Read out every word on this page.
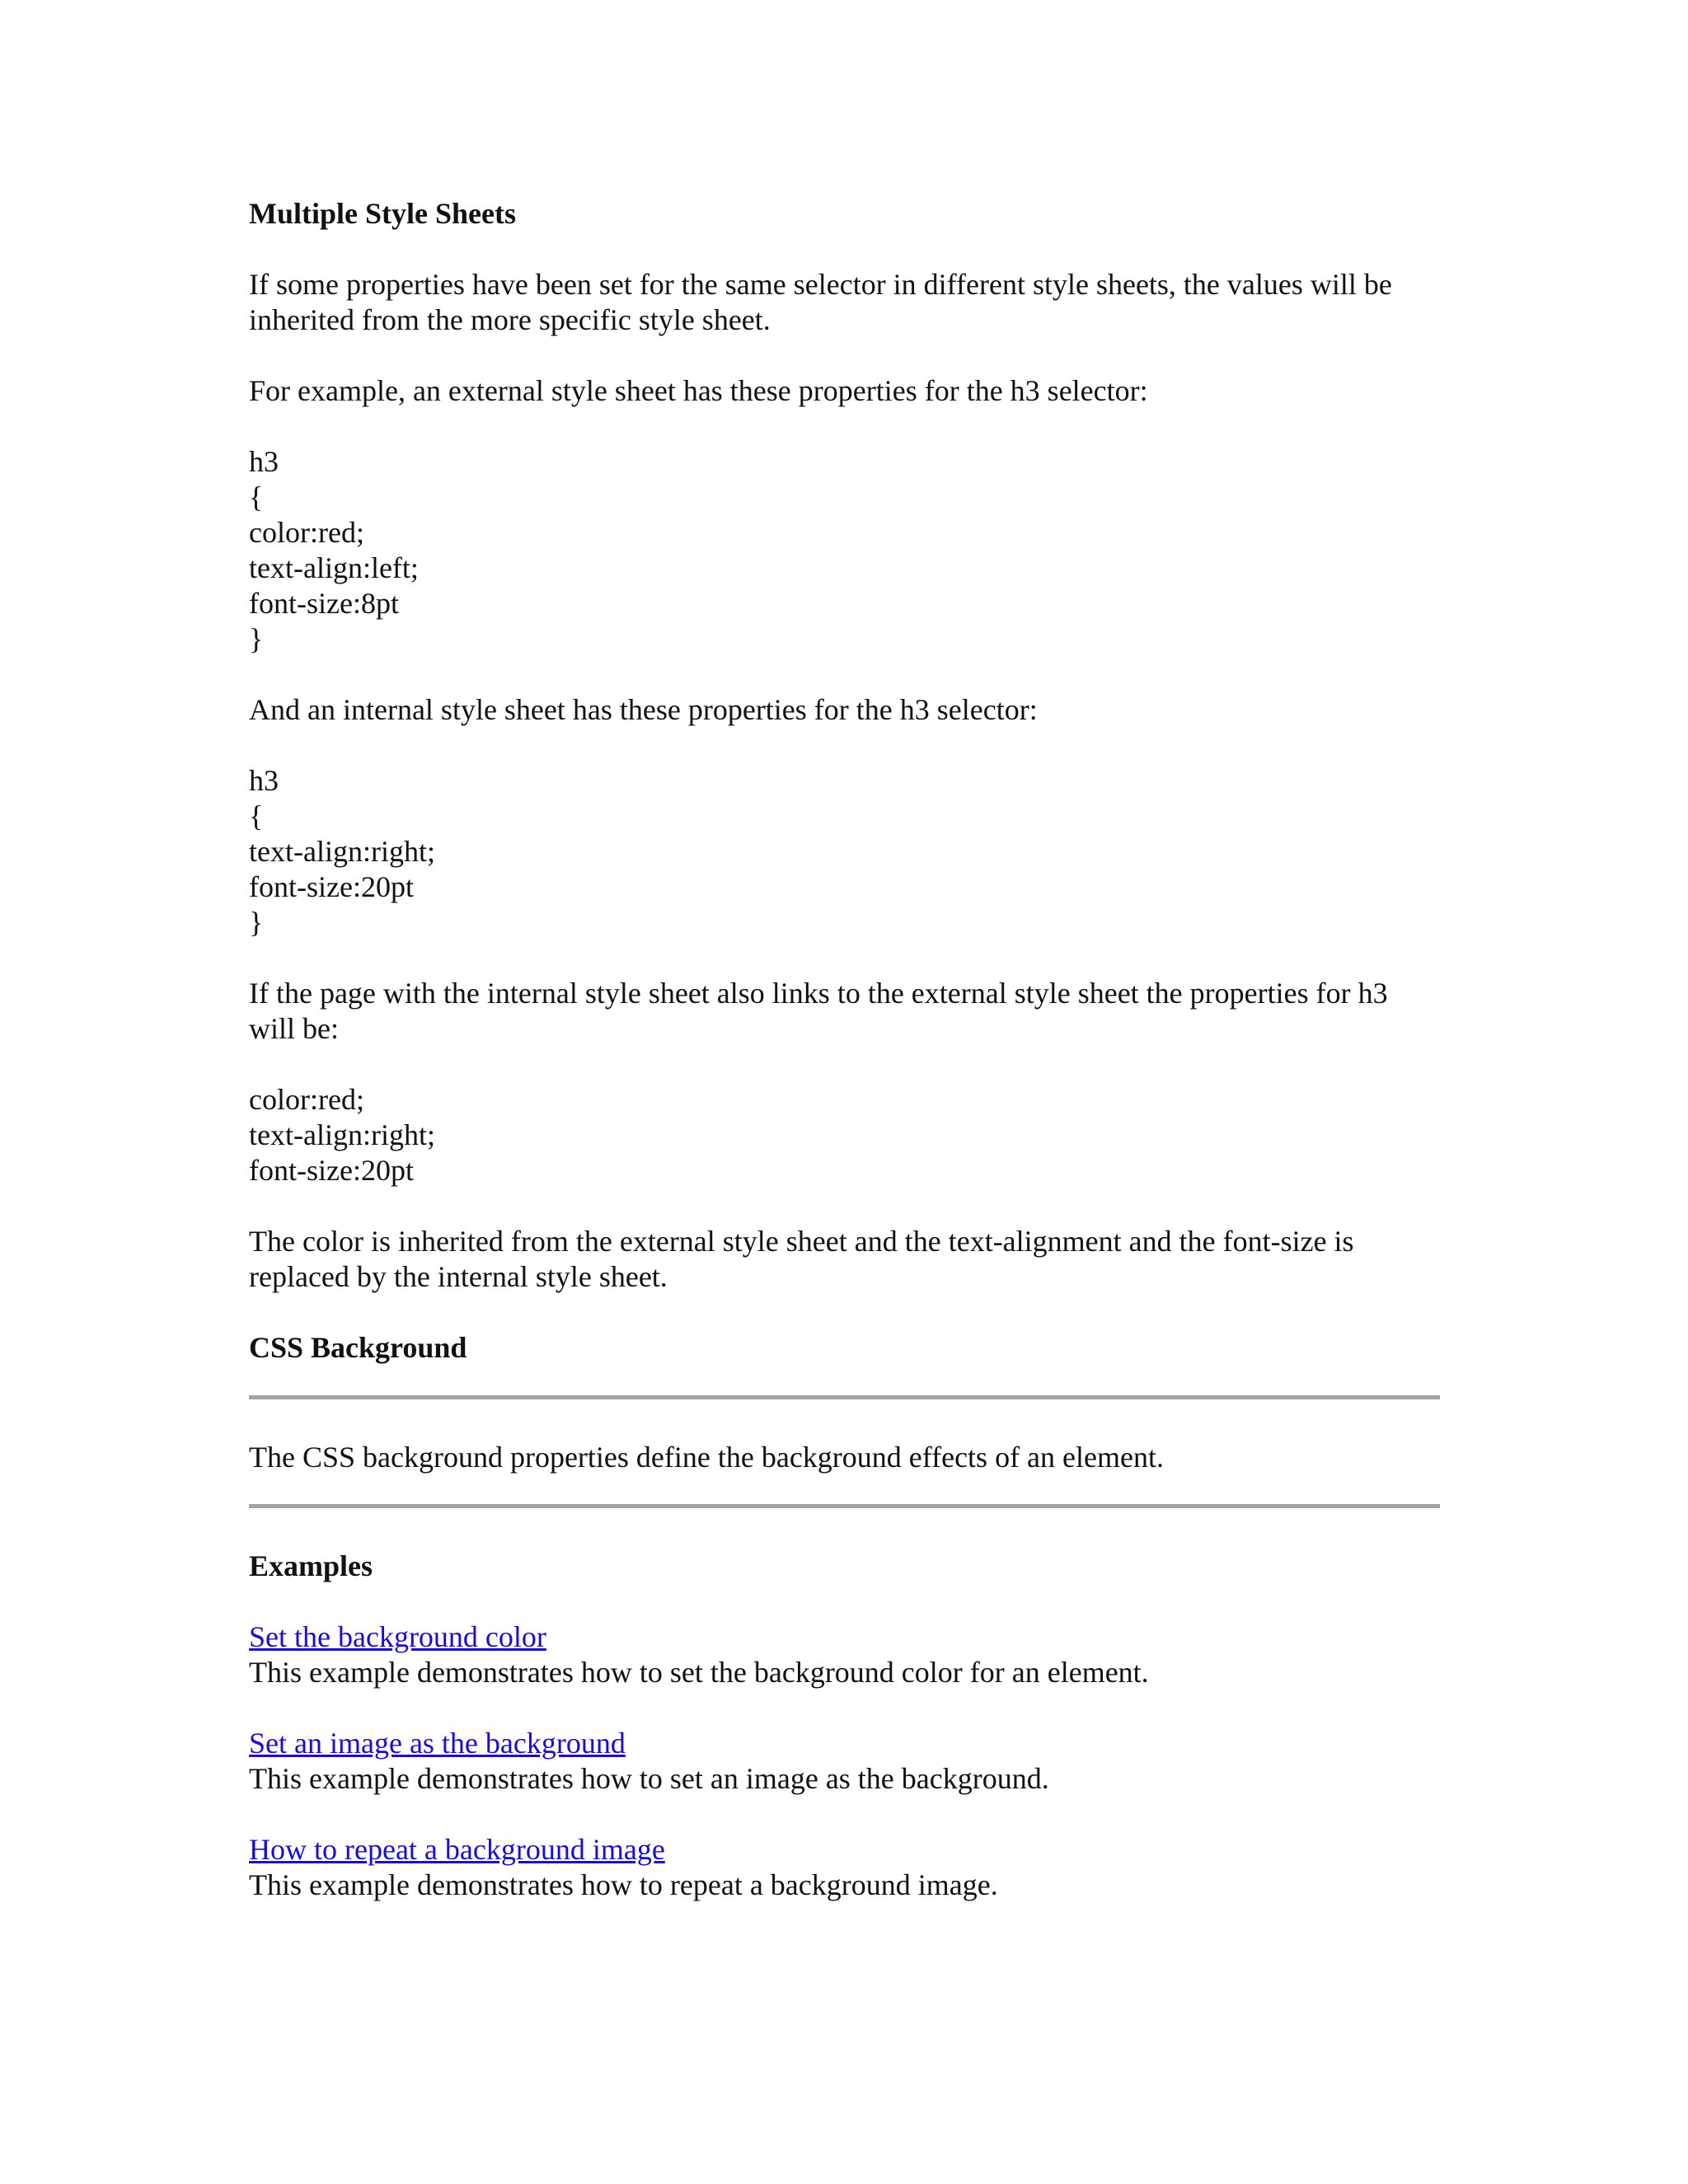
Multiple Style Sheets
If some properties have been set for the same selector in different style sheets, the values will be
inherited from the more specific style sheet.
For example, an external style sheet has these properties for the h3 selector:
h3
{
color:red;
text-align:left;
font-size:8pt
}
And an internal style sheet has these properties for the h3 selector:
h3
{
text-align:right;
font-size:20pt
}
If the page with the internal style sheet also links to the external style sheet the properties for h3
will be:
color:red;
text-align:right;
font-size:20pt
The color is inherited from the external style sheet and the text-alignment and the font-size is
replaced by the internal style sheet.
CSS Background
The CSS background properties define the background effects of an element.
Examples
Set the background color
This example demonstrates how to set the background color for an element.
Set an image as the background
This example demonstrates how to set an image as the background.
How to repeat a background image
This example demonstrates how to repeat a background image.
